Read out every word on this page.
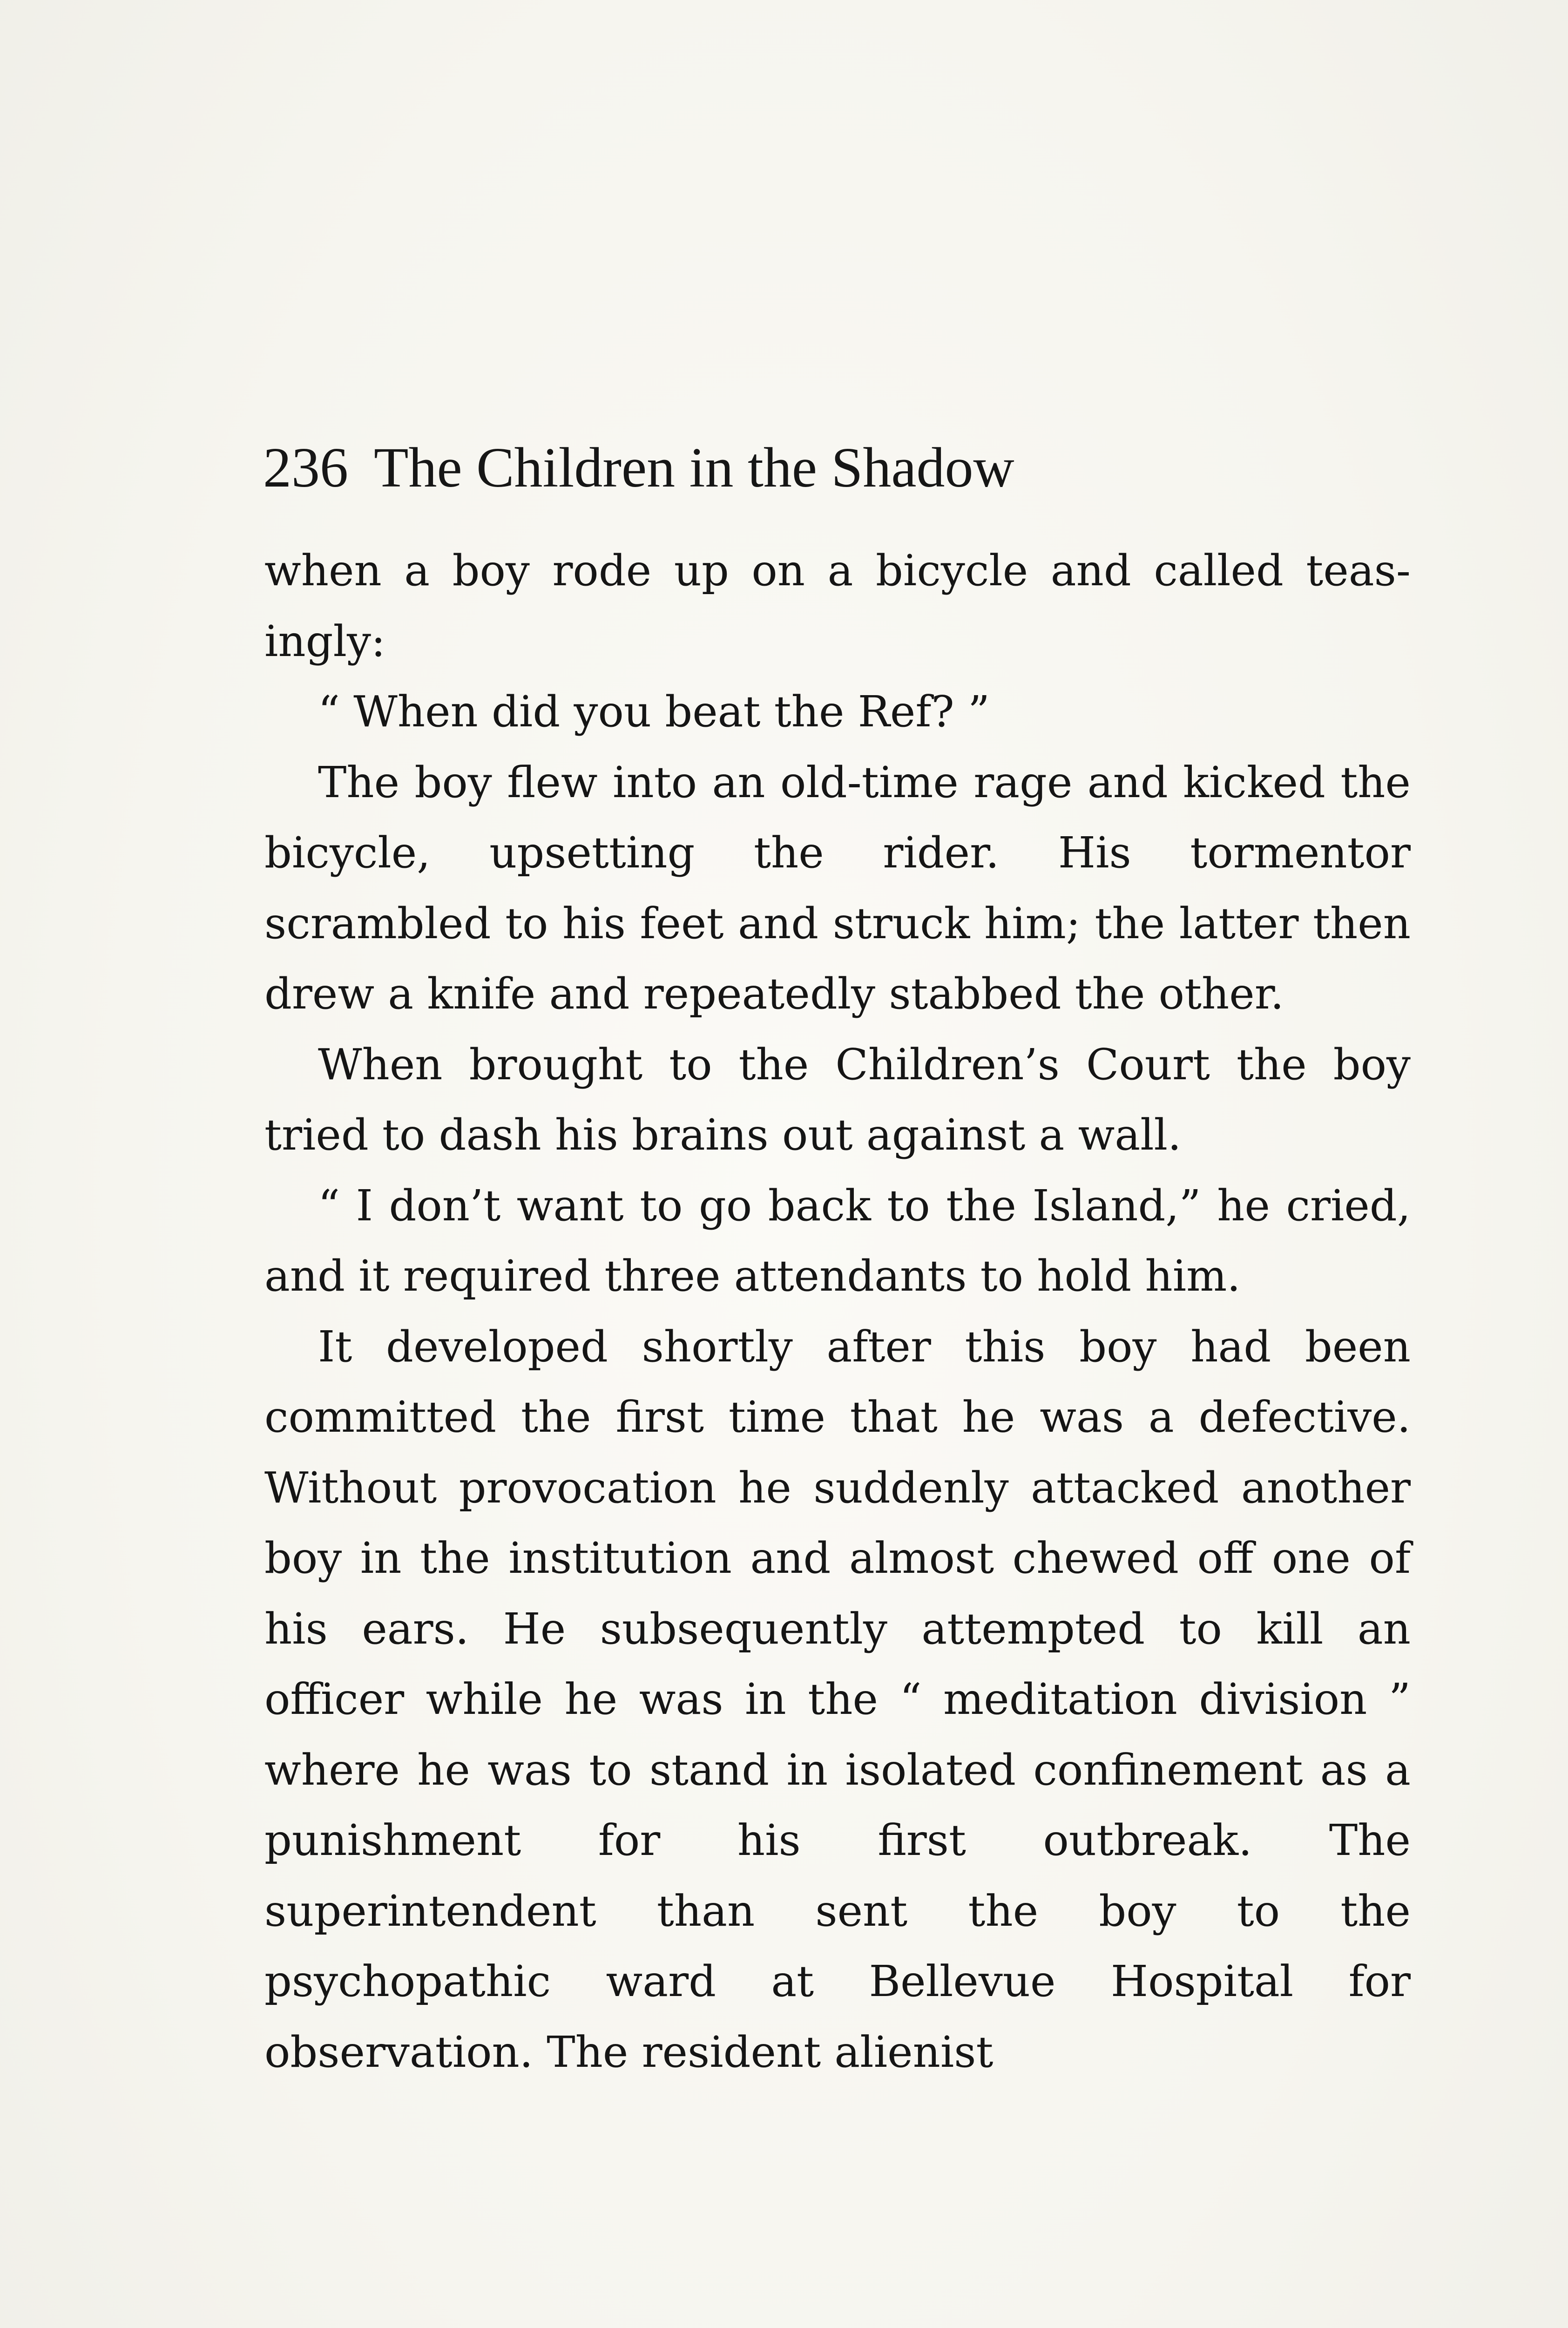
236 The Children in the Shadow

when a boy rode up on a bicycle and called teasingly:

“ When did you beat the Ref? ”

The boy flew into an old-time rage and kicked the bicycle, upsetting the rider. His tormentor scrambled to his feet and struck him; the latter then drew a knife and repeatedly stabbed the other.

When brought to the Children’s Court the boy tried to dash his brains out against a wall.

“ I don’t want to go back to the Island,” he cried, and it required three attendants to hold him.

It developed shortly after this boy had been committed the first time that he was a defective. Without provocation he suddenly attacked another boy in the institution and almost chewed off one of his ears. He subsequently attempted to kill an officer while he was in the “ meditation division ” where he was to stand in isolated confinement as a punishment for his first outbreak. The superintendent than sent the boy to the psychopathic ward at Bellevue Hospital for observation. The resident alienist
